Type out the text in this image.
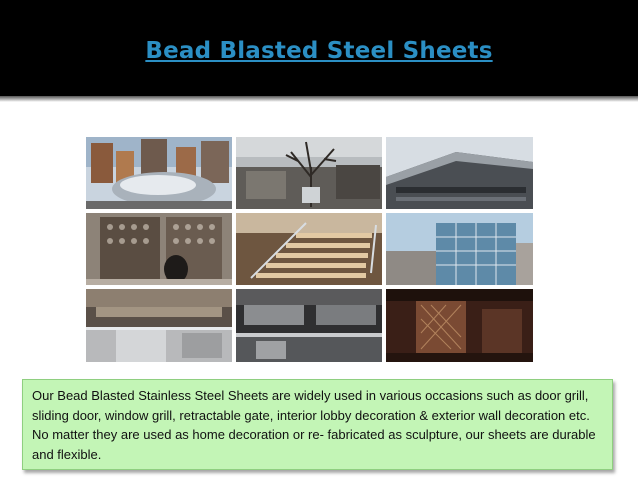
Bead Blasted Steel Sheets

Our Bead Blasted Stainless Steel Sheets are widely used in various occasions such as door grill, sliding door, window grill, retractable gate, interior lobby decoration & exterior wall decoration etc. No matter they are used as home decoration or re- fabricated as sculpture, our sheets are durable and flexible.
